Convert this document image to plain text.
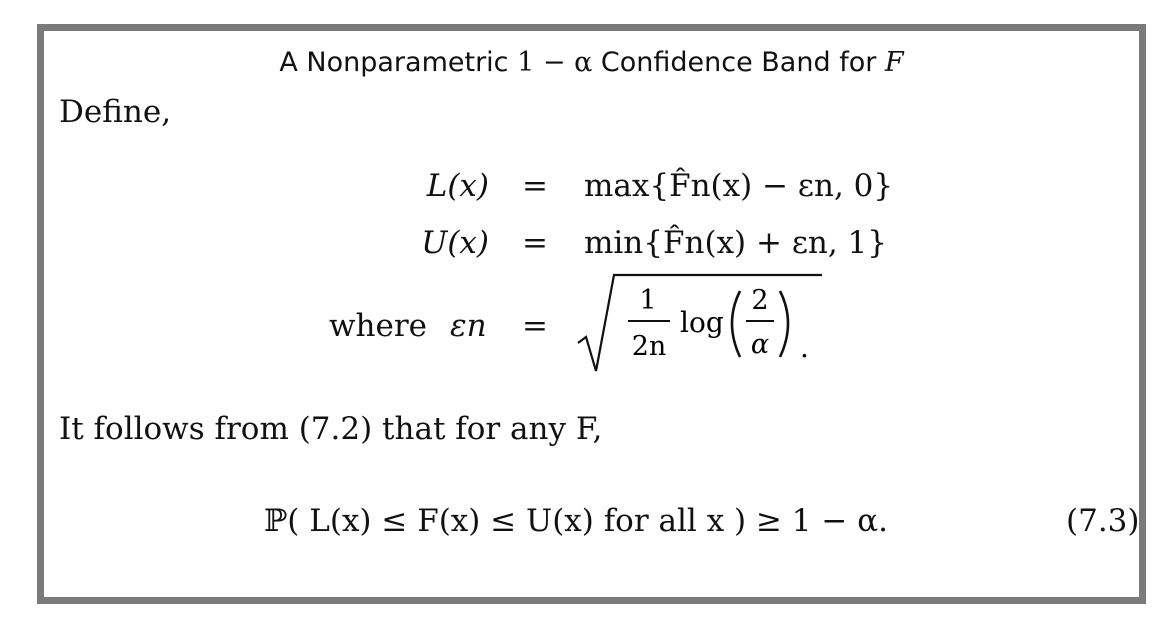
A Nonparametric 1 − α Confidence Band for F
Define,
L(x) = max{F̂n(x) − εn, 0}
U(x) = min{F̂n(x) + εn, 1}
where εn =
1
2n
log
2
α .
It follows from (7.2) that for any F,
ℙ( L(x) ≤ F(x) ≤ U(x) for all x ) ≥ 1 − α.	(7.3)
